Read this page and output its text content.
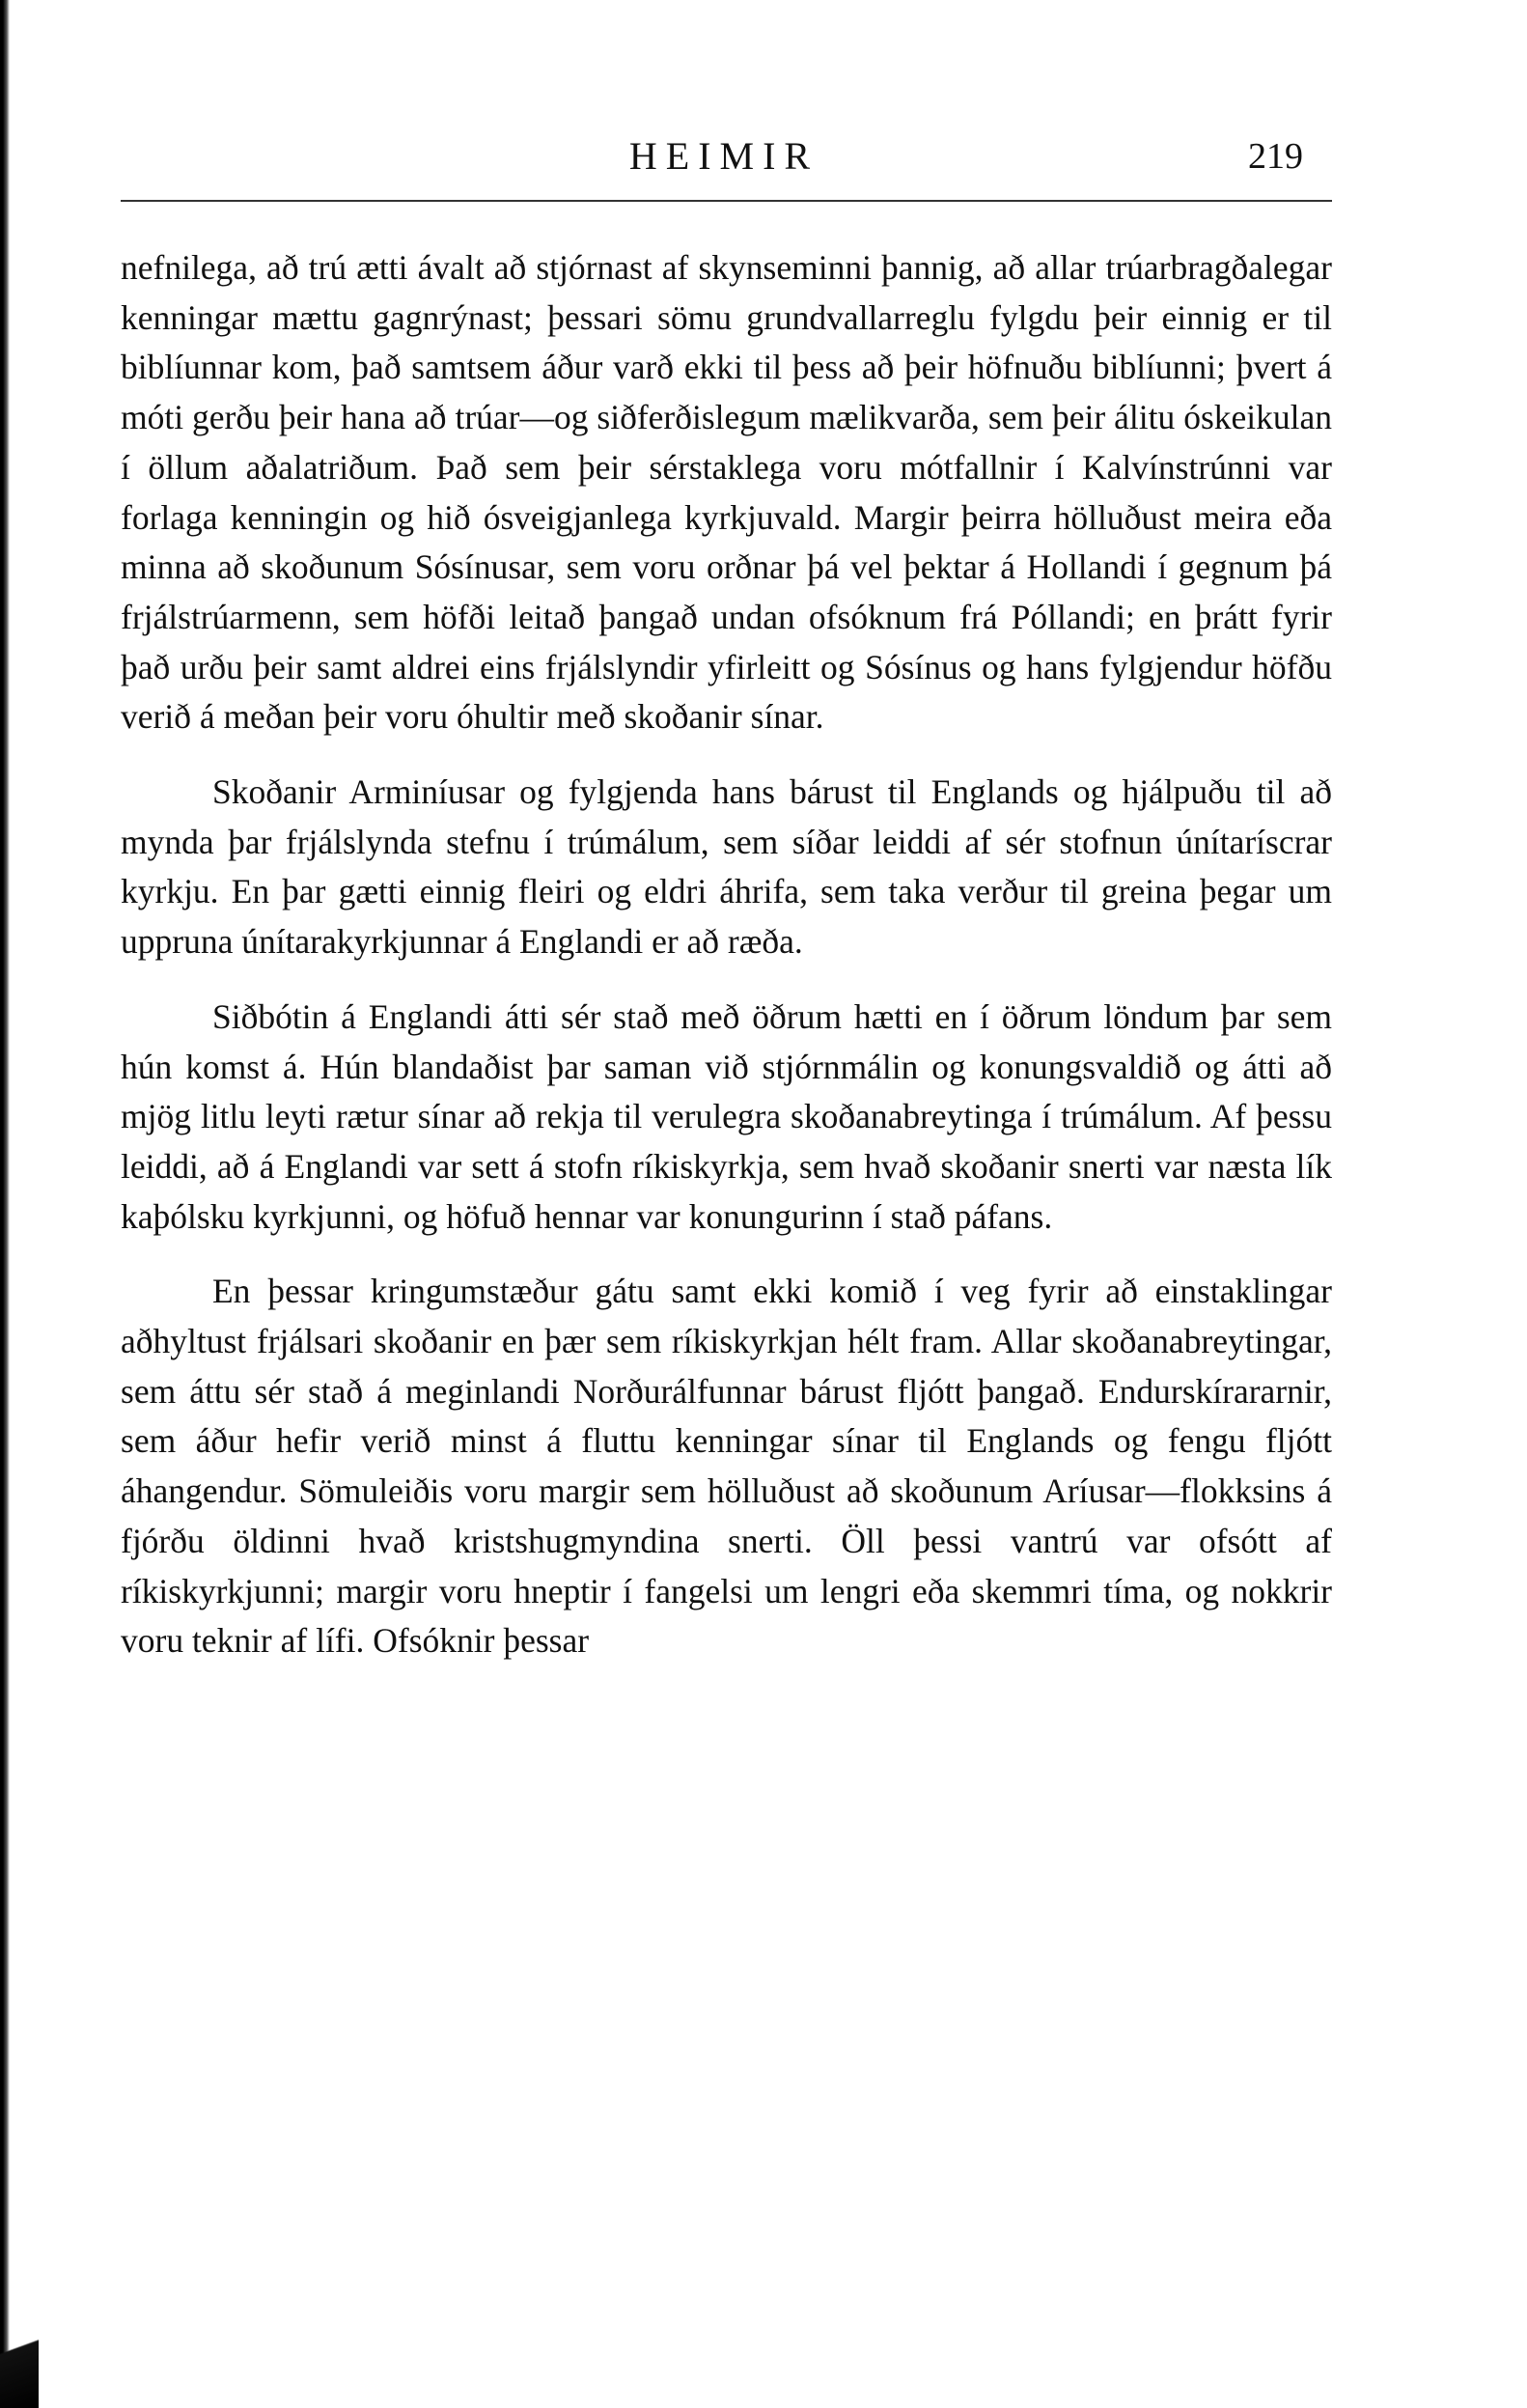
HEIMIR	219

nefnilega, að trú ætti ávalt að stjórnast af skynseminni þannig, að allar trúarbragðalegar kenningar mættu gagnrýnast; þessari sömu grundvallarreglu fylgdu þeir einnig er til biblíunnar kom, það samtsem áður varð ekki til þess að þeir höfnuðu biblíunni; þvert á móti gerðu þeir hana að trúar—og siðferðislegum mælikvarða, sem þeir álitu óskeikulan í öllum aðalatriðum. Það sem þeir sérstaklega voru mótfallnir í Kalvínstrúnni var forlaga kenningin og hið ósveigjanlega kyrkjuvald. Margir þeirra hölluðust meira eða minna að skoðunum Sósínusar, sem voru orðnar þá vel þektar á Hollandi í gegnum þá frjálstrúarmenn, sem höfði leitað þangað undan ofsóknum frá Póllandi; en þrátt fyrir það urðu þeir samt aldrei eins frjálslyndir yfirleitt og Sósínus og hans fylgjendur höfðu verið á meðan þeir voru óhultir með skoðanir sínar.

Skoðanir Arminíusar og fylgjenda hans bárust til Englands og hjálpuðu til að mynda þar frjálslynda stefnu í trúmálum, sem síðar leiddi af sér stofnun únítaríscrar kyrkju. En þar gætti einnig fleiri og eldri áhrifa, sem taka verður til greina þegar um uppruna únítarakyrkjunnar á Englandi er að ræða.

Siðbótin á Englandi átti sér stað með öðrum hætti en í öðrum löndum þar sem hún komst á. Hún blandaðist þar saman við stjórnmálin og konungsvaldið og átti að mjög litlu leyti rætur sínar að rekja til verulegra skoðanabreytinga í trúmálum. Af þessu leiddi, að á Englandi var sett á stofn ríkiskyrkja, sem hvað skoðanir snerti var næsta lík kaþólsku kyrkjunni, og höfuð hennar var konungurinn í stað páfans.

En þessar kringumstæður gátu samt ekki komið í veg fyrir að einstaklingar aðhyltust frjálsari skoðanir en þær sem ríkiskyrkjan hélt fram. Allar skoðanabreytingar, sem áttu sér stað á meginlandi Norðurálfunnar bárust fljótt þangað. Endurskírararnir, sem áður hefir verið minst á fluttu kenningar sínar til Englands og fengu fljótt áhangendur. Sömuleiðis voru margir sem hölluðust að skoðunum Aríusar—flokksins á fjórðu öldinni hvað kristshugmyndina snerti. Öll þessi vantrú var ofsótt af ríkiskyrkjunni; margir voru hneptir í fangelsi um lengri eða skemmri tíma, og nokkrir voru teknir af lífi. Ofsóknir þessar
